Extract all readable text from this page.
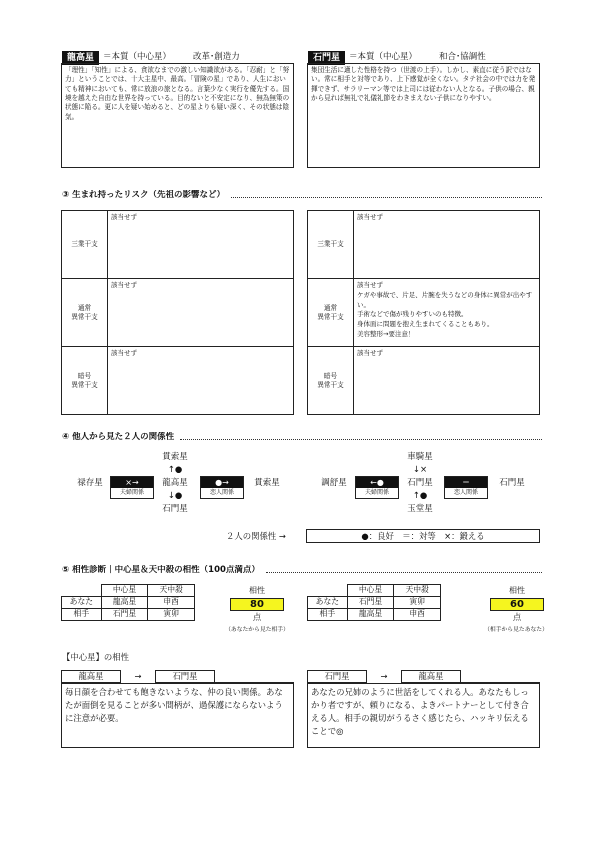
龍高星	＝本質（中心星）	改革･創造力
「理性」「知性」による、貪欲なまでの激しい知識欲がある。「忍耐」と「努力」ということでは、十大主星中、最高。「冒険の星」であり、人生においても精神においても、常に放浪の旅となる。言葉少なく実行を優先する。国境を越えた自由な世界を持っている。目的ないと不安定になり、無為無策の状態に陥る。更に人を疑い始めると、どの星よりも疑い深く、その状態は陰気。
石門星	＝本質（中心星）	和合･協調性
集団生活に適した性格を持つ（世渡の上手）。しかし、素直に従う訳ではない。常に相手と対等であり、上下感覚が全くない。タテ社会の中では力を発揮できず、サラリーマン等では上司には従わない人となる。子供の場合、親から見れば無礼で礼儀礼節をわきまえない子供になりやすい。
③ 生まれ持ったリスク（先祖の影響など）
三業干支	該当せず
通常
異常干支	該当せず
暗号
異常干支	該当せず
三業干支	該当せず
通常
異常干支	該当せず
ケガや事故で、片足、片腕を失うなどの身体に異常が出やすい。
手術などで傷が残りやすいのも特徴。
身体面に問題を抱え生まれてくることもあり。
美容整形→要注意！
暗号
異常干支	該当せず
④ 他人から見た２人の関係性
貫索星
↑●
禄存星	×→
夫婦関係
龍高星	●→
恋人関係
貫索星
↓●
石門星
車騎星
↓×
調舒星	←●
夫婦関係
石門星	＝
恋人関係
石門星
↑●
玉堂星
２人の関係性 →	●：良好　＝：対等　×：鍛える
⑤ 相性診断｜中心星＆天中殺の相性（100点満点）
	中心星	天中殺
あなた	龍高星	申酉
相手	石門星	寅卯
相性
80
点
（あなたから見た相手）
	中心星	天中殺
あなた	石門星	寅卯
相手	龍高星	申酉
相性
60
点
（相手から見たあなた）
【中心星】の相性
龍高星	→	石門星
毎日顔を合わせても飽きないような、仲の良い関係。あなたが面倒を見ることが多い間柄が、過保護にならないように注意が必要。
石門星	→	龍高星
あなたの兄姉のように世話をしてくれる人。あなたもしっかり者ですが、頼りになる、よきパートナーとして付き合える人。相手の親切がうるさく感じたら、ハッキリ伝えることで◎
